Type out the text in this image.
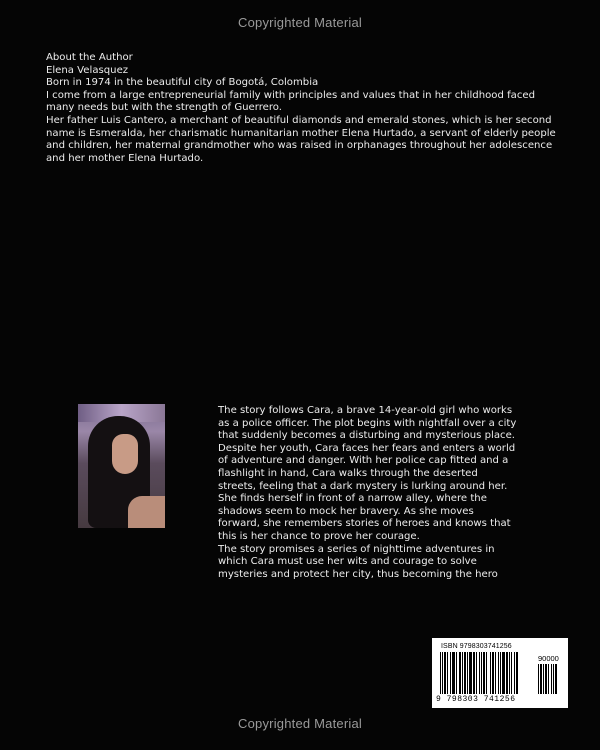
Copyrighted Material

About the Author

Elena Velasquez

Born in 1974 in the beautiful city of Bogotá, Colombia

I come from a large entrepreneurial family with principles and values that in her childhood faced many needs but with the strength of Guerrero.

Her father Luis Cantero, a merchant of beautiful diamonds and emerald stones, which is her second name is Esmeralda, her charismatic humanitarian mother Elena Hurtado, a servant of elderly people and children, her maternal grandmother who was raised in orphanages throughout her adolescence and her mother Elena Hurtado.

The story follows Cara, a brave 14-year-old girl who works as a police officer. The plot begins with nightfall over a city that suddenly becomes a disturbing and mysterious place. Despite her youth, Cara faces her fears and enters a world of adventure and danger. With her police cap fitted and a flashlight in hand, Cara walks through the deserted streets, feeling that a dark mystery is lurking around her. She finds herself in front of a narrow alley, where the shadows seem to mock her bravery. As she moves forward, she remembers stories of heroes and knows that this is her chance to prove her courage.

The story promises a series of nighttime adventures in which Cara must use her wits and courage to solve mysteries and protect her city, thus becoming the hero

ISBN 9798303741256
90000
9 798303 741256
Copyrighted Material
